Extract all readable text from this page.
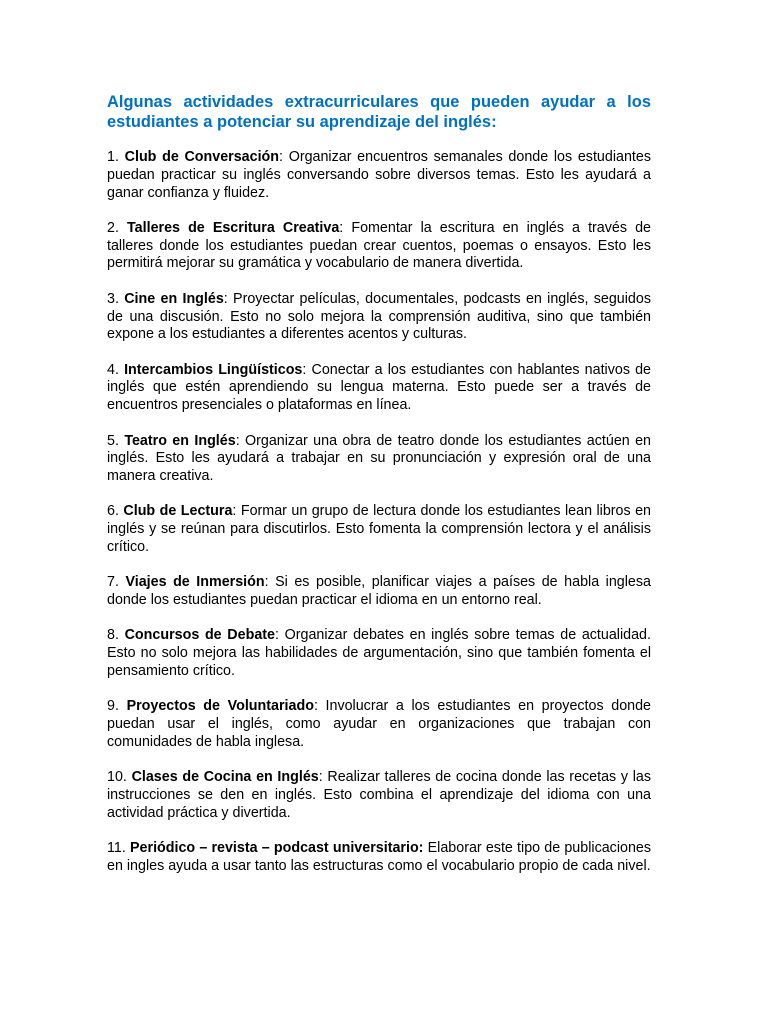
Algunas actividades extracurriculares que pueden ayudar a los estudiantes a potenciar su aprendizaje del inglés:
1. Club de Conversación: Organizar encuentros semanales donde los estudiantes puedan practicar su inglés conversando sobre diversos temas. Esto les ayudará a ganar confianza y fluidez.
2. Talleres de Escritura Creativa: Fomentar la escritura en inglés a través de talleres donde los estudiantes puedan crear cuentos, poemas o ensayos. Esto les permitirá mejorar su gramática y vocabulario de manera divertida.
3. Cine en Inglés: Proyectar películas, documentales, podcasts en inglés, seguidos de una discusión. Esto no solo mejora la comprensión auditiva, sino que también expone a los estudiantes a diferentes acentos y culturas.
4. Intercambios Lingüísticos: Conectar a los estudiantes con hablantes nativos de inglés que estén aprendiendo su lengua materna. Esto puede ser a través de encuentros presenciales o plataformas en línea.
5. Teatro en Inglés: Organizar una obra de teatro donde los estudiantes actúen en inglés. Esto les ayudará a trabajar en su pronunciación y expresión oral de una manera creativa.
6. Club de Lectura: Formar un grupo de lectura donde los estudiantes lean libros en inglés y se reúnan para discutirlos. Esto fomenta la comprensión lectora y el análisis crítico.
7. Viajes de Inmersión: Si es posible, planificar viajes a países de habla inglesa donde los estudiantes puedan practicar el idioma en un entorno real.
8. Concursos de Debate: Organizar debates en inglés sobre temas de actualidad. Esto no solo mejora las habilidades de argumentación, sino que también fomenta el pensamiento crítico.
9. Proyectos de Voluntariado: Involucrar a los estudiantes en proyectos donde puedan usar el inglés, como ayudar en organizaciones que trabajan con comunidades de habla inglesa.
10. Clases de Cocina en Inglés: Realizar talleres de cocina donde las recetas y las instrucciones se den en inglés. Esto combina el aprendizaje del idioma con una actividad práctica y divertida.
11. Periódico – revista – podcast universitario: Elaborar este tipo de publicaciones en ingles ayuda a usar tanto las estructuras como el vocabulario propio de cada nivel.
